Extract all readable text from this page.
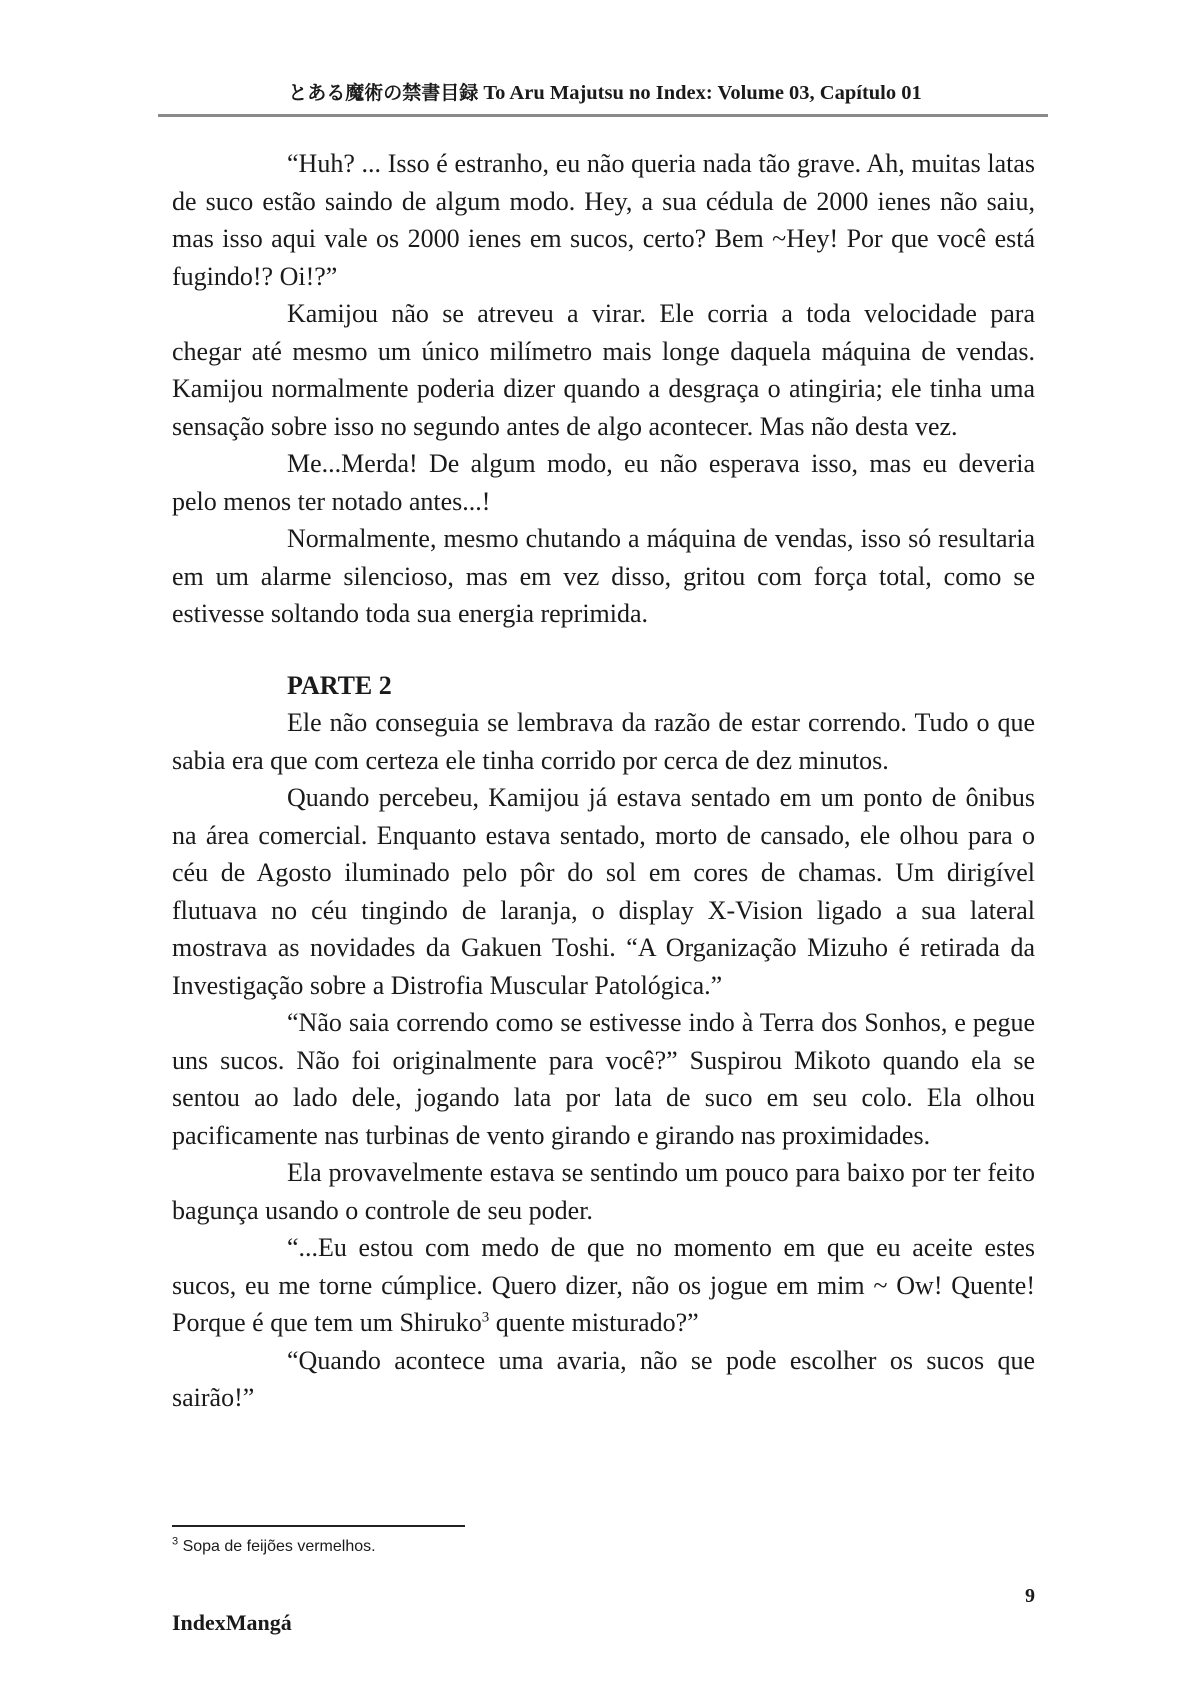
とある魔術の禁書目録 To Aru Majutsu no Index: Volume 03, Capítulo 01

“Huh? ... Isso é estranho, eu não queria nada tão grave. Ah, muitas latas de suco estão saindo de algum modo. Hey, a sua cédula de 2000 ienes não saiu, mas isso aqui vale os 2000 ienes em sucos, certo? Bem ~Hey! Por que você está fugindo!? Oi!?”

Kamijou não se atreveu a virar. Ele corria a toda velocidade para chegar até mesmo um único milímetro mais longe daquela máquina de vendas. Kamijou normalmente poderia dizer quando a desgraça o atingiria; ele tinha uma sensação sobre isso no segundo antes de algo acontecer. Mas não desta vez.

Me...Merda! De algum modo, eu não esperava isso, mas eu deveria pelo menos ter notado antes...!

Normalmente, mesmo chutando a máquina de vendas, isso só resultaria em um alarme silencioso, mas em vez disso, gritou com força total, como se estivesse soltando toda sua energia reprimida.

PARTE 2

Ele não conseguia se lembrava da razão de estar correndo. Tudo o que sabia era que com certeza ele tinha corrido por cerca de dez minutos.

Quando percebeu, Kamijou já estava sentado em um ponto de ônibus na área comercial. Enquanto estava sentado, morto de cansado, ele olhou para o céu de Agosto iluminado pelo pôr do sol em cores de chamas. Um dirigível flutuava no céu tingindo de laranja, o display X-Vision ligado a sua lateral mostrava as novidades da Gakuen Toshi. “A Organização Mizuho é retirada da Investigação sobre a Distrofia Muscular Patológica.”

“Não saia correndo como se estivesse indo à Terra dos Sonhos, e pegue uns sucos. Não foi originalmente para você?” Suspirou Mikoto quando ela se sentou ao lado dele, jogando lata por lata de suco em seu colo. Ela olhou pacificamente nas turbinas de vento girando e girando nas proximidades.

Ela provavelmente estava se sentindo um pouco para baixo por ter feito bagunça usando o controle de seu poder.

“...Eu estou com medo de que no momento em que eu aceite estes sucos, eu me torne cúmplice. Quero dizer, não os jogue em mim ~ Ow! Quente! Porque é que tem um Shiruko$^3$ quente misturado?”

“Quando acontece uma avaria, não se pode escolher os sucos que sairão!”

$^3$ Sopa de feijões vermelhos.
9
IndexMangá
